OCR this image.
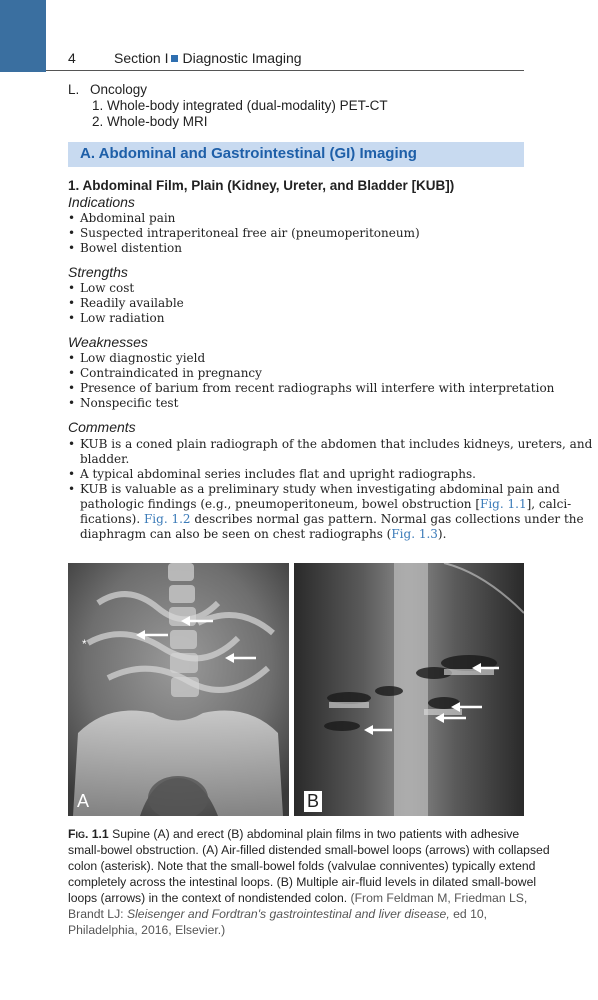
4	Section I Diagnostic Imaging
L. Oncology
1. Whole-body integrated (dual-modality) PET-CT
2. Whole-body MRI
A. Abdominal and Gastrointestinal (GI) Imaging
1. Abdominal Film, Plain (Kidney, Ureter, and Bladder [KUB])
Indications
• Abdominal pain
• Suspected intraperitoneal free air (pneumoperitoneum)
• Bowel distention
Strengths
• Low cost
• Readily available
• Low radiation
Weaknesses
• Low diagnostic yield
• Contraindicated in pregnancy
• Presence of barium from recent radiographs will interfere with interpretation
• Nonspecific test
Comments
• KUB is a coned plain radiograph of the abdomen that includes kidneys, ureters, and
bladder.
• A typical abdominal series includes flat and upright radiographs.
• KUB is valuable as a preliminary study when investigating abdominal pain and
pathologic findings (e.g., pneumoperitoneum, bowel obstruction [Fig. 1.1], calci-
fications). Fig. 1.2 describes normal gas pattern. Normal gas collections under the
diaphragm can also be seen on chest radiographs (Fig. 1.3).
*
A	B
Fig. 1.1 Supine (A) and erect (B) abdominal plain films in two patients with adhesive
small-bowel obstruction. (A) Air-filled distended small-bowel loops (arrows) with collapsed
colon (asterisk). Note that the small-bowel folds (valvulae conniventes) typically extend
completely across the intestinal loops. (B) Multiple air-fluid levels in dilated small-bowel
loops (arrows) in the context of nondistended colon. (From Feldman M, Friedman LS,
Brandt LJ: Sleisenger and Fordtran's gastrointestinal and liver disease, ed 10,
Philadelphia, 2016, Elsevier.)
